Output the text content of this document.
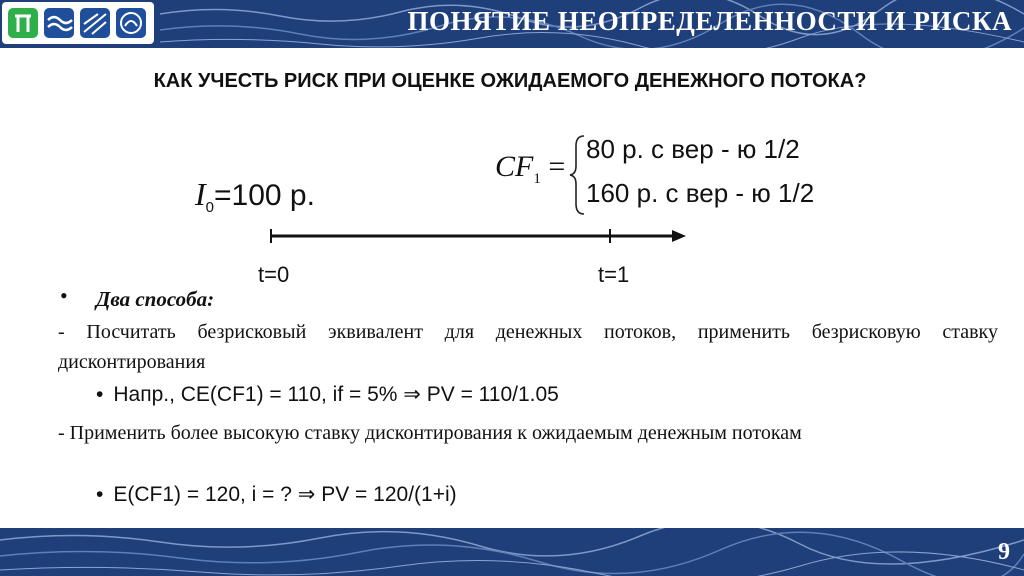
ПОНЯТИЕ НЕОПРЕДЕЛЕННОСТИ И РИСКА
КАК УЧЕСТЬ РИСК ПРИ ОЦЕНКЕ ОЖИДАЕМОГО ДЕНЕЖНОГО ПОТОКА?
$I_0=100$ р.
$CF_1$ =
80 р. с вер - ю 1/2
160 р. с вер - ю 1/2
t=0	t=1
• Два способа:
- Посчитать безрисковый эквивалент для денежных потоков, применить безрисковую ставку дисконтирования
• Напр., CE(CF1) = 110, if = 5% ⇒ PV = 110/1.05
- Применить более высокую ставку дисконтирования к ожидаемым денежным потокам
• E(CF1) = 120, i = ? ⇒ PV = 120/(1+i)
9
